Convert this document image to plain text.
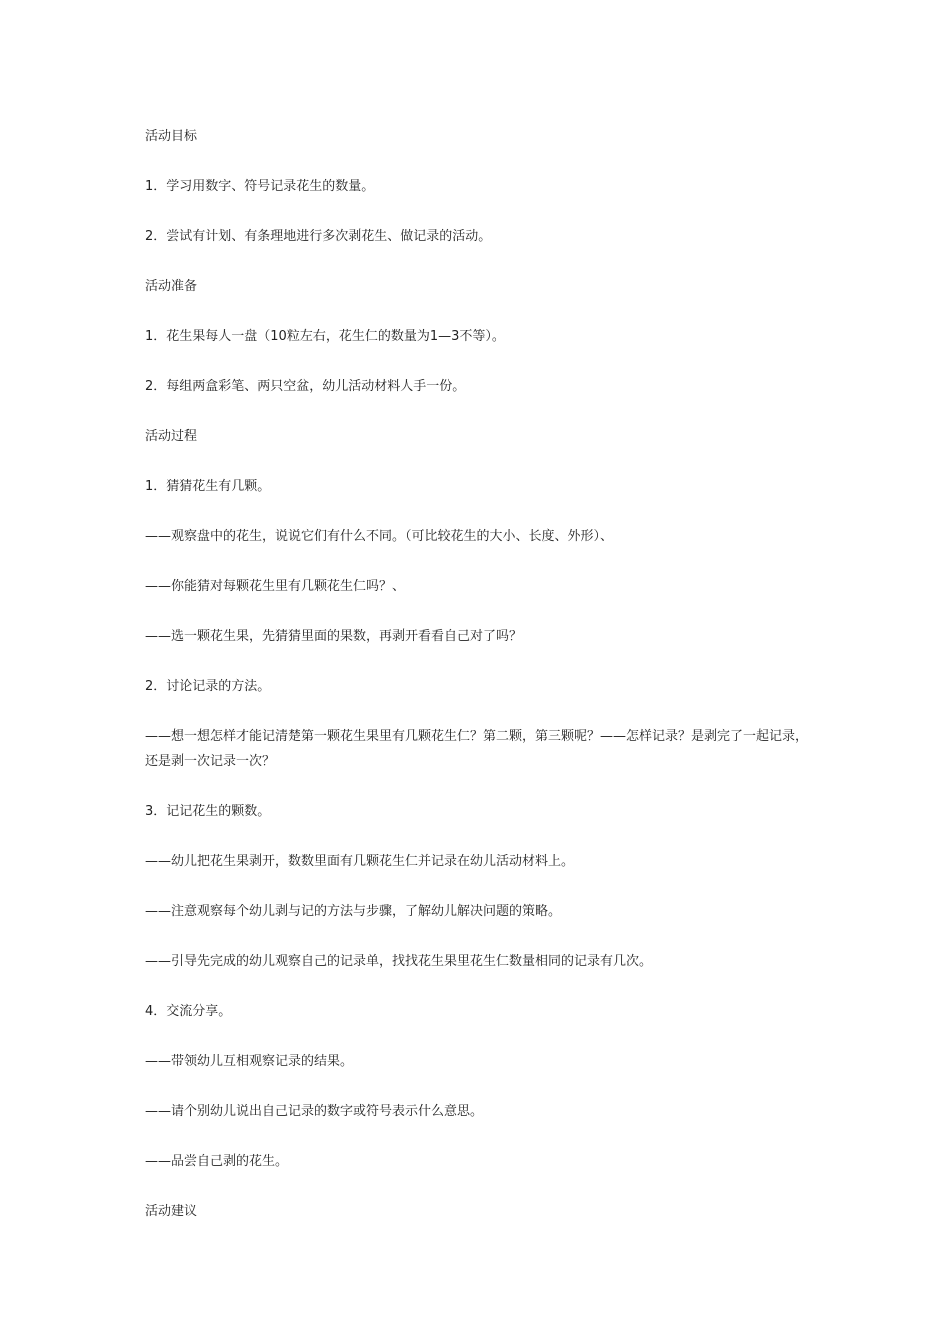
活动目标

1．学习用数字、符号记录花生的数量。

2．尝试有计划、有条理地进行多次剥花生、做记录的活动。

活动准备

1．花生果每人一盘（10粒左右，花生仁的数量为1—3不等）。

2．每组两盒彩笔、两只空盆，幼儿活动材料人手一份。

活动过程

1．猜猜花生有几颗。

——观察盘中的花生，说说它们有什么不同。（可比较花生的大小、长度、外形）、

——你能猜对每颗花生里有几颗花生仁吗？、

——选一颗花生果，先猜猜里面的果数，再剥开看看自己对了吗？

2．讨论记录的方法。

——想一想怎样才能记清楚第一颗花生果里有几颗花生仁？第二颗，第三颗呢？——怎样记录？是剥完了一起记录，还是剥一次记录一次？

3．记记花生的颗数。

——幼儿把花生果剥开，数数里面有几颗花生仁并记录在幼儿活动材料上。

——注意观察每个幼儿剥与记的方法与步骤，了解幼儿解决问题的策略。

——引导先完成的幼儿观察自己的记录单，找找花生果里花生仁数量相同的记录有几次。

4．交流分享。

——带领幼儿互相观察记录的结果。

——请个别幼儿说出自己记录的数字或符号表示什么意思。

——品尝自己剥的花生。

活动建议
